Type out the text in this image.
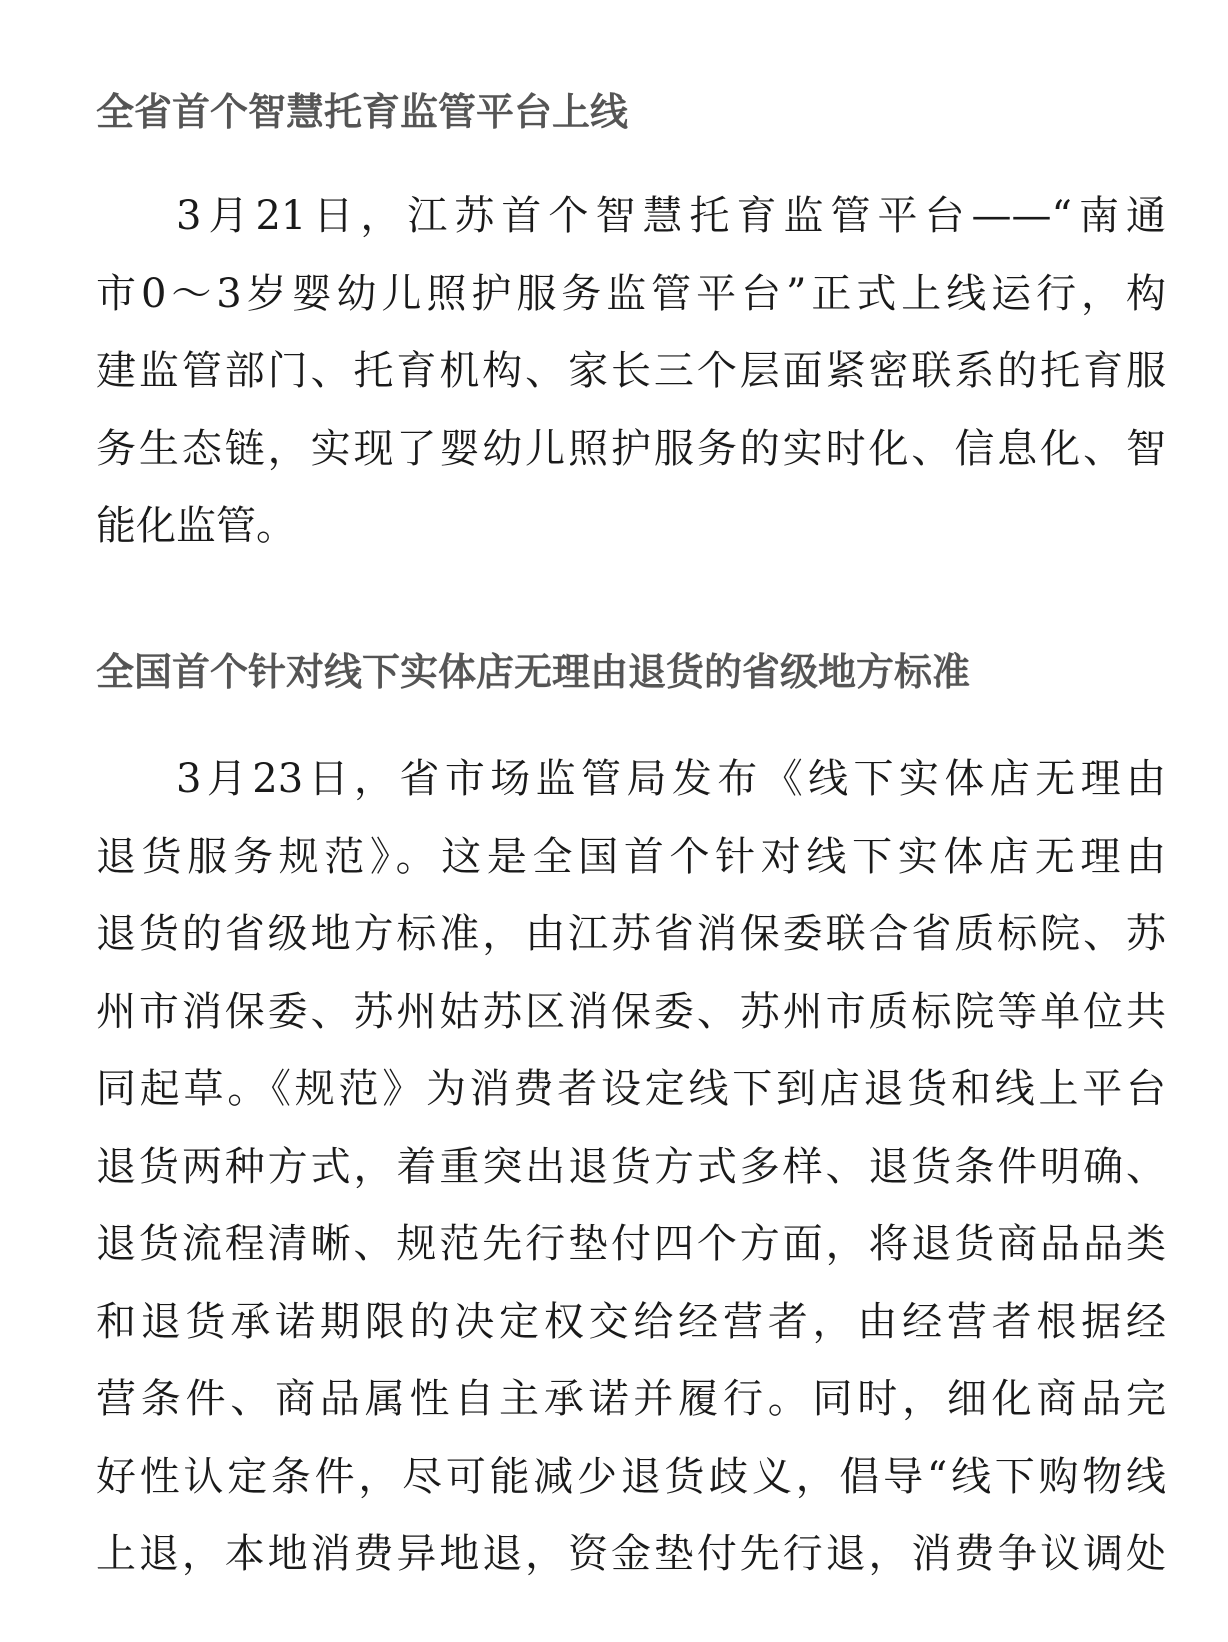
全省首个智慧托育监管平台上线
3月21日，江苏首个智慧托育监管平台——“南通
市0～3岁婴幼儿照护服务监管平台”正式上线运行，构
建监管部门、托育机构、家长三个层面紧密联系的托育服
务生态链，实现了婴幼儿照护服务的实时化、信息化、智
能化监管。
全国首个针对线下实体店无理由退货的省级地方标准
3月23日，省市场监管局发布《线下实体店无理由
退货服务规范》。这是全国首个针对线下实体店无理由
退货的省级地方标准，由江苏省消保委联合省质标院、苏
州市消保委、苏州姑苏区消保委、苏州市质标院等单位共
同起草。《规范》为消费者设定线下到店退货和线上平台
退货两种方式，着重突出退货方式多样、退货条件明确、
退货流程清晰、规范先行垫付四个方面，将退货商品品类
和退货承诺期限的决定权交给经营者，由经营者根据经
营条件、商品属性自主承诺并履行。同时，细化商品完
好性认定条件，尽可能减少退货歧义，倡导“线下购物线
上退，本地消费异地退，资金垫付先行退，消费争议调处
